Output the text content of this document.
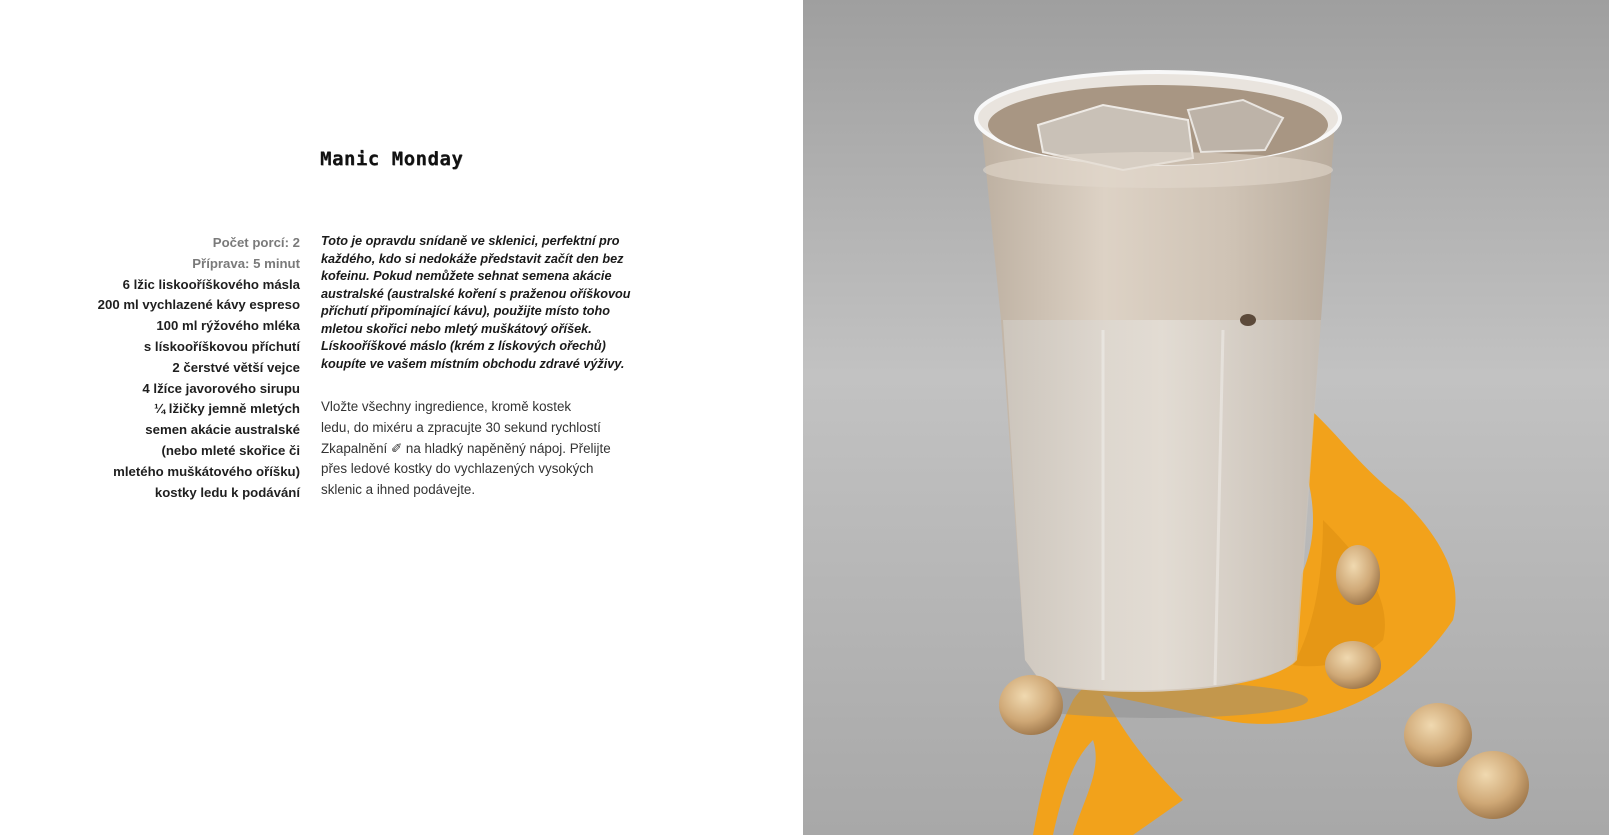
Manic Monday
Počet porcí: 2
Příprava: 5 minut
6 lžic liskooříškového másla
200 ml vychlazené kávy espreso
100 ml rýžového mléka
s lískooříškovou příchutí
2 čerstvé větší vejce
4 lžíce javorového sirupu
¼ lžičky jemně mletých
semen akácie australské
(nebo mleté skořice či
mletého muškátového oříšku)
kostky ledu k podávání
Toto je opravdu snídaně ve sklenici, perfektní pro
každého, kdo si nedokáže představit začít den bez
kofeinu. Pokud nemůžete sehnat semena akácie
australské (australské koření s praženou oříškovou
příchutí připomínající kávu), použijte místo toho
mletou skořici nebo mletý muškátový oříšek.
Lískooříškové máslo (krém z lískových ořechů)
koupíte ve vašem místním obchodu zdravé výživy.
Vložte všechny ingredience, kromě kostek
ledu, do mixéru a zpracujte 30 sekund rychlostí
Zkapalnění ✐ na hladký napěněný nápoj. Přelijte
přes ledové kostky do vychlazených vysokých
sklenic a ihned podávejte.
